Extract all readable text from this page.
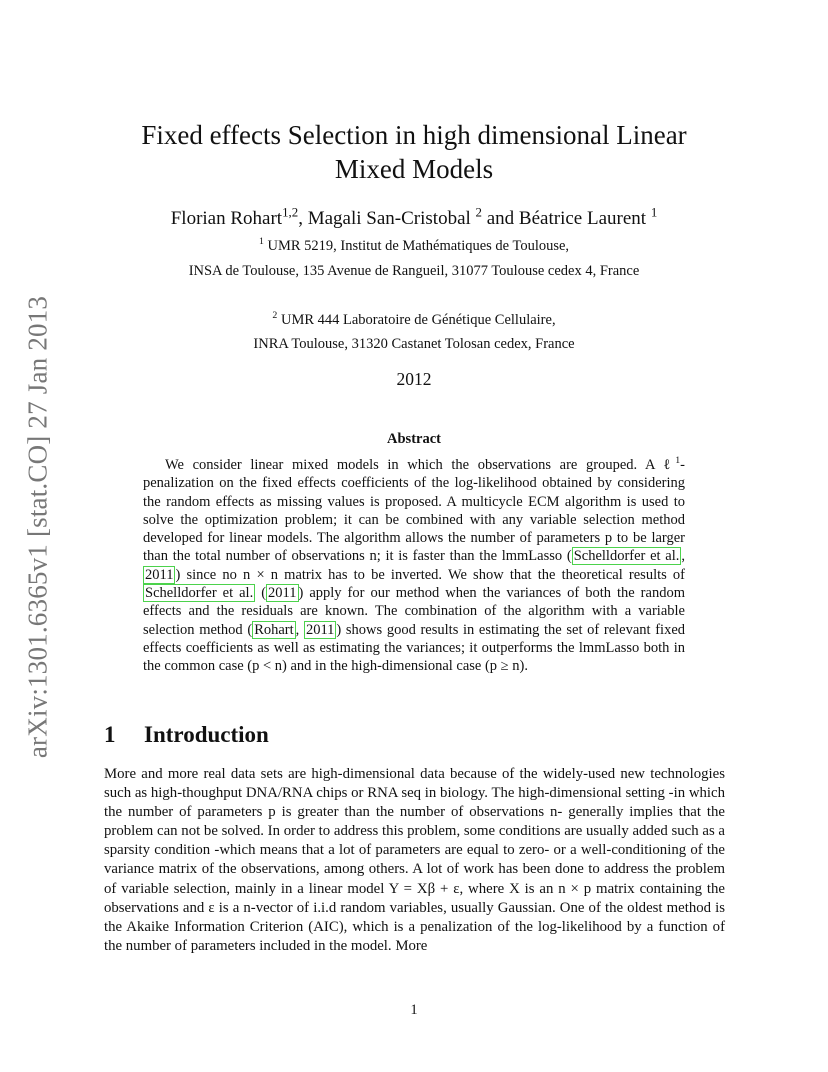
arXiv:1301.6365v1 [stat.CO] 27 Jan 2013
Fixed effects Selection in high dimensional Linear
Mixed Models
Florian Rohart$^{1,2}$, Magali San-Cristobal $^2$ and Béatrice Laurent $^1$
$^1$ UMR 5219, Institut de Mathématiques de Toulouse,
INSA de Toulouse, 135 Avenue de Rangueil, 31077 Toulouse cedex 4, France
$^2$ UMR 444 Laboratoire de Génétique Cellulaire,
INRA Toulouse, 31320 Castanet Tolosan cedex, France
2012
Abstract

We consider linear mixed models in which the observations are grouped. A ℓ$^1$-penalization on the fixed effects coefficients of the log-likelihood obtained by considering the random effects as missing values is proposed. A multicycle ECM algorithm is used to solve the optimization problem; it can be combined with any variable selection method developed for linear models. The algorithm allows the number of parameters p to be larger than the total number of observations n; it is faster than the lmmLasso ( Schelldorfer et al. , 2011 ) since no n × n matrix has to be inverted. We show that the theoretical results of Schelldorfer et al. ( 2011 ) apply for our method when the variances of both the random effects and the residuals are known. The combination of the algorithm with a variable selection method ( Rohart , 2011 ) shows good results in estimating the set of relevant fixed effects coefficients as well as estimating the variances; it outperforms the lmmLasso both in the common case (p < n) and in the high-dimensional case (p ≥ n).

1 Introduction

More and more real data sets are high-dimensional data because of the widely-used new technologies such as high-thoughput DNA/RNA chips or RNA seq in biology. The high-dimensional setting -in which the number of parameters p is greater than the number of observations n- generally implies that the problem can not be solved. In order to address this problem, some conditions are usually added such as a sparsity condition -which means that a lot of parameters are equal to zero- or a well-conditioning of the variance matrix of the observations, among others. A lot of work has been done to address the problem of variable selection, mainly in a linear model Y = Xβ + ε, where X is an n × p matrix containing the observations and ε is a n-vector of i.i.d random variables, usually Gaussian. One of the oldest method is the Akaike Information Criterion (AIC), which is a penalization of the log-likelihood by a function of the number of parameters included in the model. More

1
